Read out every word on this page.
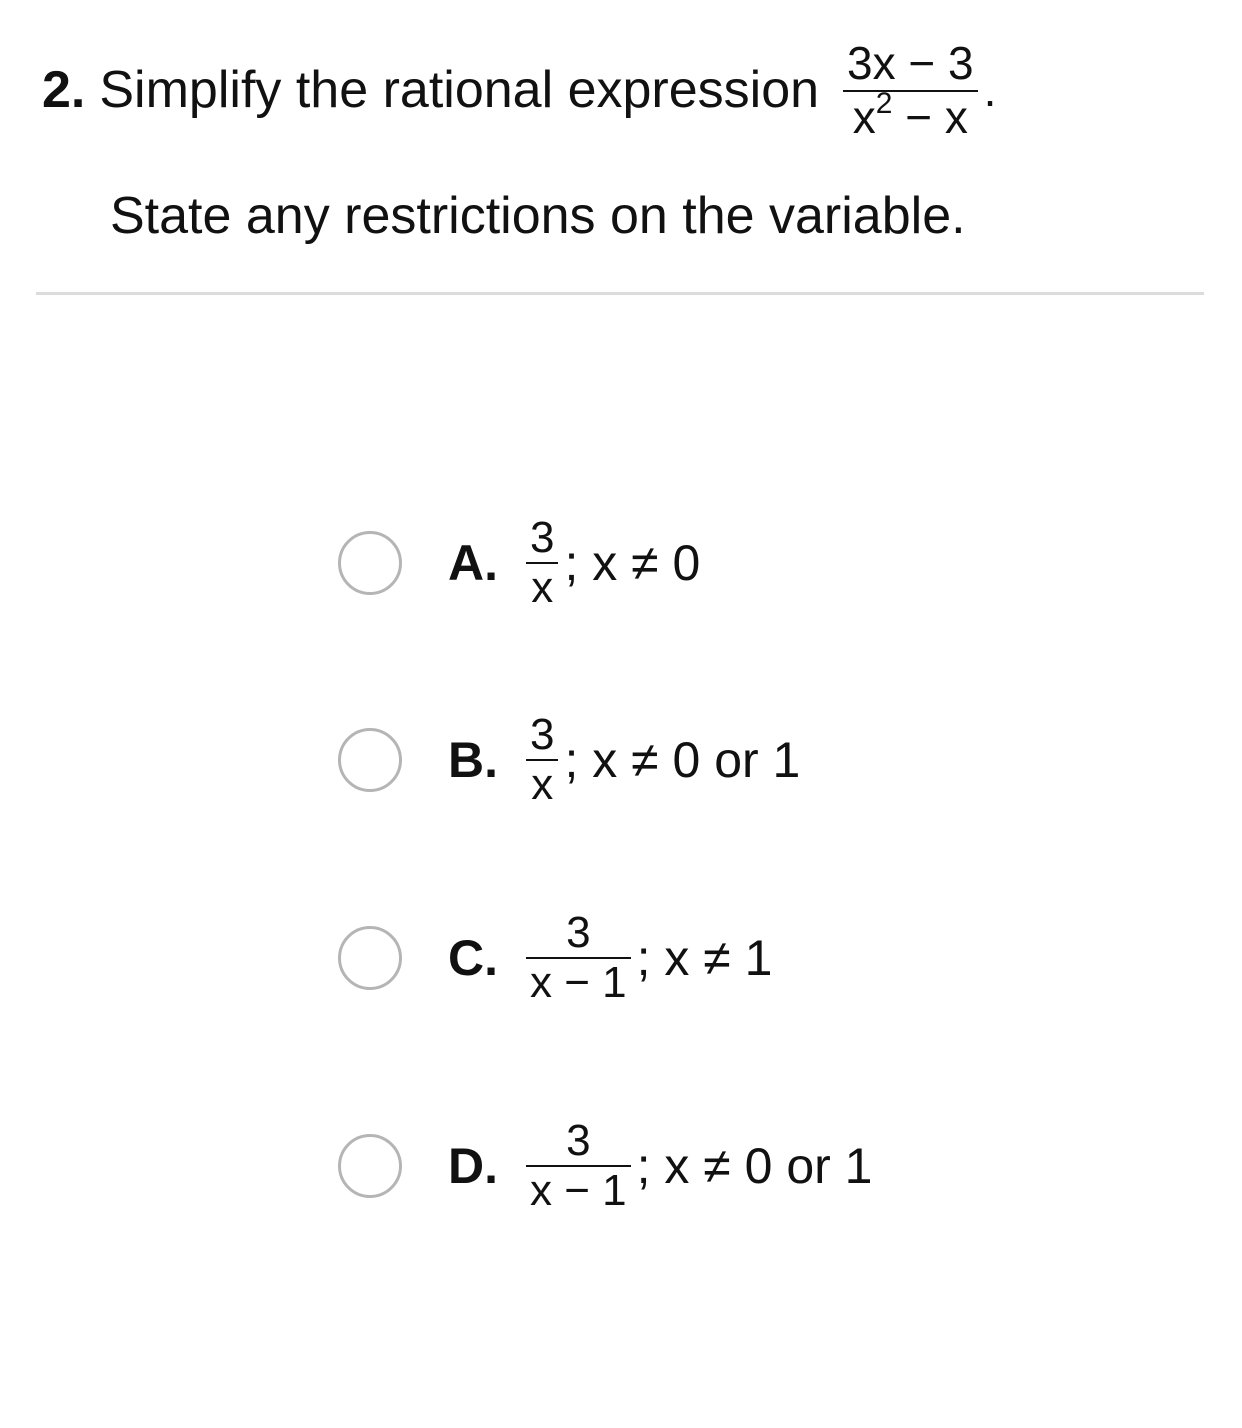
2. Simplify the rational expression $\frac{3x - 3}{x^2 - x}$ .
State any restrictions on the variable.
A. $\frac{3}{x}$ ; x ≠ 0
B. $\frac{3}{x}$ ; x ≠ 0 or 1
C. $\frac{3}{x - 1}$ ; x ≠ 1
D. $\frac{3}{x - 1}$ ; x ≠ 0 or 1
